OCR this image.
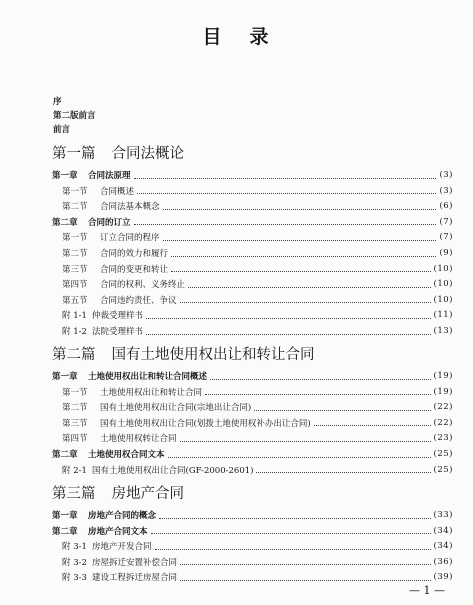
目 录
序
第二版前言
前言
第一篇 合同法概论
第一章	合同法原理	(3)
第一节	合同概述	(3)
第二节	合同法基本概念	(6)
第二章	合同的订立	(7)
第一节	订立合同的程序	(7)
第二节	合同的效力和履行	(9)
第三节	合同的变更和转让	(10)
第四节	合同的权利、义务终止	(10)
第五节	合同违约责任、争议	(10)
附 1-1 仲裁受理样书	(11)
附 1-2 法院受理样书	(13)
第二篇 国有土地使用权出让和转让合同
第一章	土地使用权出让和转让合同概述	(19)
第一节	土地使用权出让和转让合同	(19)
第二节	国有土地使用权出让合同(宗地出让合同)	(22)
第三节	国有土地使用权出让合同(划拨土地使用权补办出让合同)	(22)
第四节	土地使用权转让合同	(23)
第二章	土地使用权合同文本	(25)
附 2-1 国有土地使用权出让合同(GF-2000-2601)	(25)
第三篇 房地产合同
第一章	房地产合同的概念	(33)
第二章	房地产合同文本	(34)
附 3-1 房地产开发合同	(34)
附 3-2 房屋拆迁安置补偿合同	(36)
附 3-3 建设工程拆迁房屋合同	(39)
— 1 —
